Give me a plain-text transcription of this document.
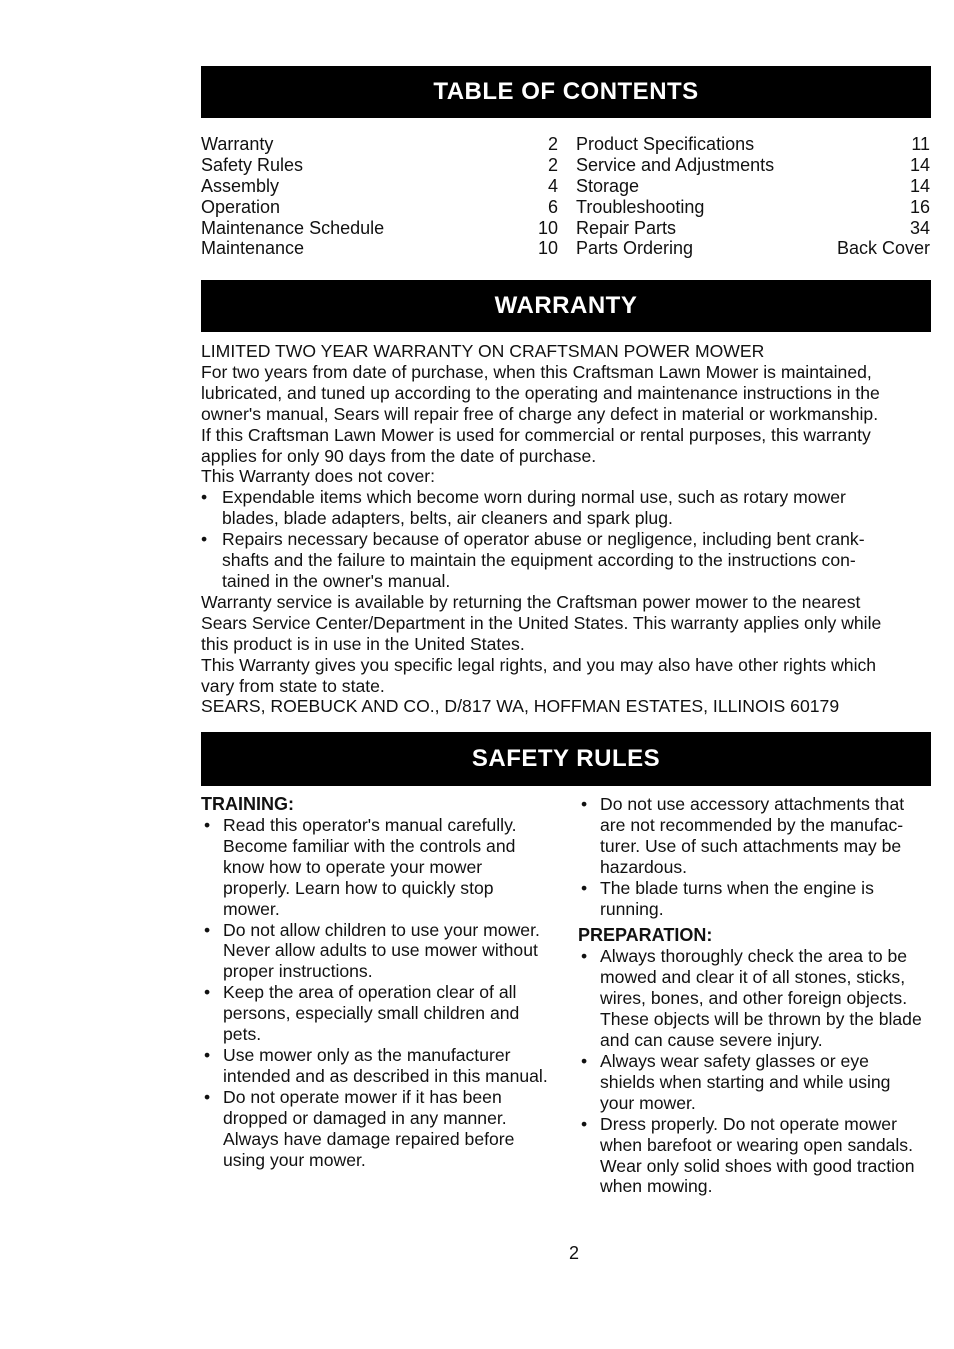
TABLE OF CONTENTS
Warranty
Safety Rules
Assembly
Operation
Maintenance Schedule
Maintenance
2
2
4
6
10
10
Product Specifications
Service and Adjustments
Storage
Troubleshooting
Repair Parts
Parts Ordering
11
14
14
16
34
Back Cover
WARRANTY

LIMITED TWO YEAR WARRANTY ON CRAFTSMAN POWER MOWER

For two years from date of purchase, when this Craftsman Lawn Mower is maintained,

lubricated, and tuned up according to the operating and maintenance instructions in the

owner's manual, Sears will repair free of charge any defect in material or workmanship.

If this Craftsman Lawn Mower is used for commercial or rental purposes, this warranty

applies for only 90 days from the date of purchase.

This Warranty does not cover:

• Expendable items which become worn during normal use, such as rotary mower

blades, blade adapters, belts, air cleaners and spark plug.

• Repairs necessary because of operator abuse or negligence, including bent crank-

shafts and the failure to maintain the equipment according to the instructions con-

tained in the owner's manual.

Warranty service is available by returning the Craftsman power mower to the nearest

Sears Service Center/Department in the United States. This warranty applies only while

this product is in use in the United States.

This Warranty gives you specific legal rights, and you may also have other rights which

vary from state to state.

SEARS, ROEBUCK AND CO., D/817 WA, HOFFMAN ESTATES, ILLINOIS 60179

SAFETY RULES
TRAINING:
• Read this operator's manual carefully.
Become familiar with the controls and
know how to operate your mower
properly. Learn how to quickly stop
mower.
• Do not allow children to use your mower.
Never allow adults to use mower without
proper instructions.
• Keep the area of operation clear of all
persons, especially small children and
pets.
• Use mower only as the manufacturer
intended and as described in this manual.
• Do not operate mower if it has been
dropped or damaged in any manner.
Always have damage repaired before
using your mower.
• Do not use accessory attachments that
are not recommended by the manufac-
turer. Use of such attachments may be
hazardous.
• The blade turns when the engine is
running.
PREPARATION:
• Always thoroughly check the area to be
mowed and clear it of all stones, sticks,
wires, bones, and other foreign objects.
These objects will be thrown by the blade
and can cause severe injury.
• Always wear safety glasses or eye
shields when starting and while using
your mower.
• Dress properly. Do not operate mower
when barefoot or wearing open sandals.
Wear only solid shoes with good traction
when mowing.
2
